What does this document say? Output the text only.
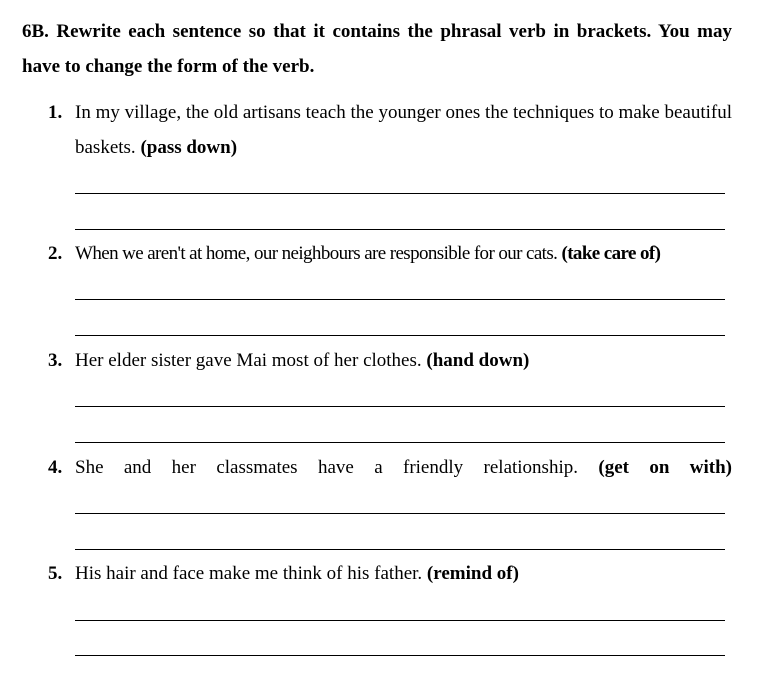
6B. Rewrite each sentence so that it contains the phrasal verb in brackets. You may have to change the form of the verb.
1. In my village, the old artisans teach the younger ones the techniques to make beautiful baskets. (pass down)
2. When we aren't at home, our neighbours are responsible for our cats. (take care of)
3. Her elder sister gave Mai most of her clothes. (hand down)
4. She and her classmates have a friendly relationship. (get on with)
5. His hair and face make me think of his father. (remind of)
